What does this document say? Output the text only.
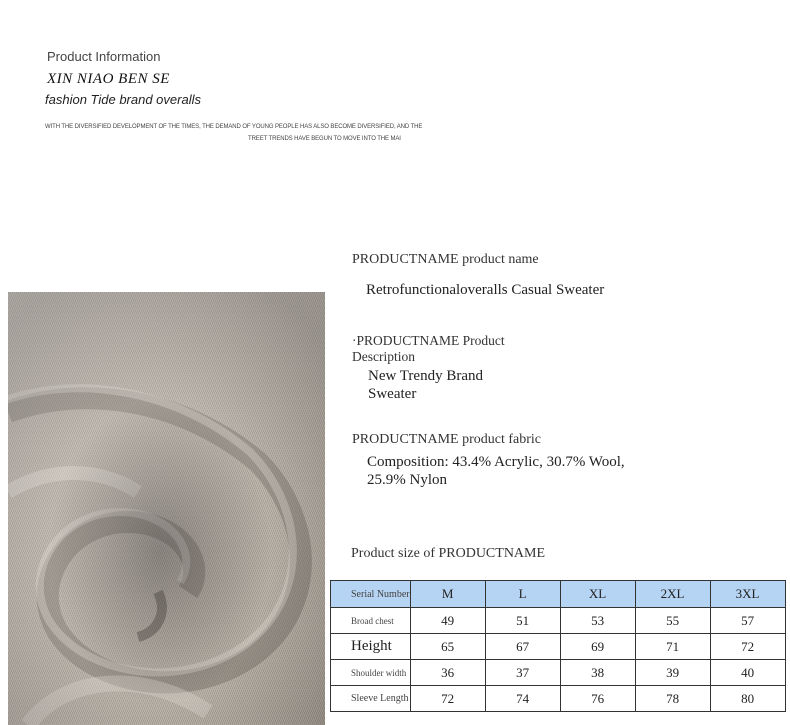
Product Information
XIN NIAO BEN SE
fashion Tide brand overalls
WITH THE DIVERSIFIED DEVELOPMENT OF THE TIMES, THE DEMAND OF YOUNG PEOPLE HAS ALSO BECOME DIVERSIFIED, AND THE
TREET TRENDS HAVE BEGUN TO MOVE INTO THE MAI
PRODUCTNAME product name
Retrofunctionaloveralls Casual Sweater
·PRODUCTNAME Product Description
New Trendy Brand
Sweater
PRODUCTNAME product fabric
Composition: 43.4% Acrylic, 30.7% Wool,
25.9% Nylon
Product size of PRODUCTNAME
Serial Number	M	L	XL	2XL	3XL
Broad chest	49	51	53	55	57
Height	65	67	69	71	72
Shoulder width	36	37	38	39	40
Sleeve Length	72	74	76	78	80
